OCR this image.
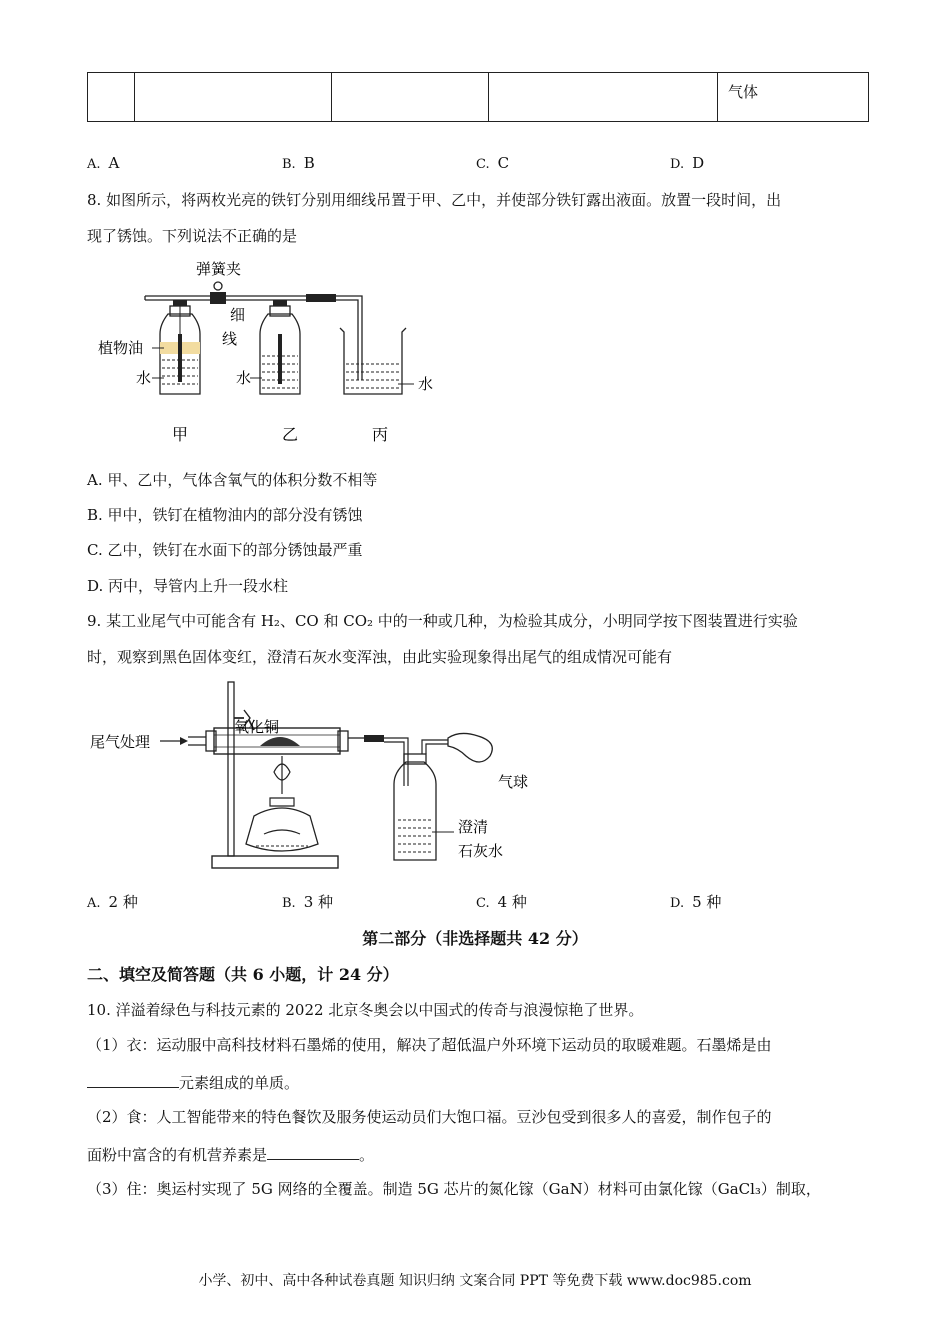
				气体
A. A	B. B	C. C	D. D
8. 如图所示，将两枚光亮的铁钉分别用细线吊置于甲、乙中，并使部分铁钉露出液面。放置一段时间，出
现了锈蚀。下列说法不正确的是
弹簧夹
细
线
植物油
水	水	水
甲	乙	丙
A. 甲、乙中，气体含氧气的体积分数不相等
B. 甲中，铁钉在植物油内的部分没有锈蚀
C. 乙中，铁钉在水面下的部分锈蚀最严重
D. 丙中，导管内上升一段水柱
9. 某工业尾气中可能含有 H₂、CO 和 CO₂ 中的一种或几种，为检验其成分，小明同学按下图装置进行实验
时，观察到黑色固体变红，澄清石灰水变浑浊，由此实验现象得出尾气的组成情况可能有
氧化铜
尾气处理
气球
澄清
石灰水
A. 2 种	B. 3 种	C. 4 种	D. 5 种
第二部分（非选择题共 42 分）
二、填空及简答题（共 6 小题，计 24 分）
10. 洋溢着绿色与科技元素的 2022 北京冬奥会以中国式的传奇与浪漫惊艳了世界。
（1）衣：运动服中高科技材料石墨烯的使用，解决了超低温户外环境下运动员的取暖难题。石墨烯是由
元素组成的单质。
（2）食：人工智能带来的特色餐饮及服务使运动员们大饱口福。豆沙包受到很多人的喜爱，制作包子的
面粉中富含的有机营养素是	。
（3）住：奥运村实现了 5G 网络的全覆盖。制造 5G 芯片的氮化镓（GaN）材料可由氯化镓（GaCl₃）制取，
小学、初中、高中各种试卷真题 知识归纳 文案合同 PPT 等免费下载 www.doc985.com
